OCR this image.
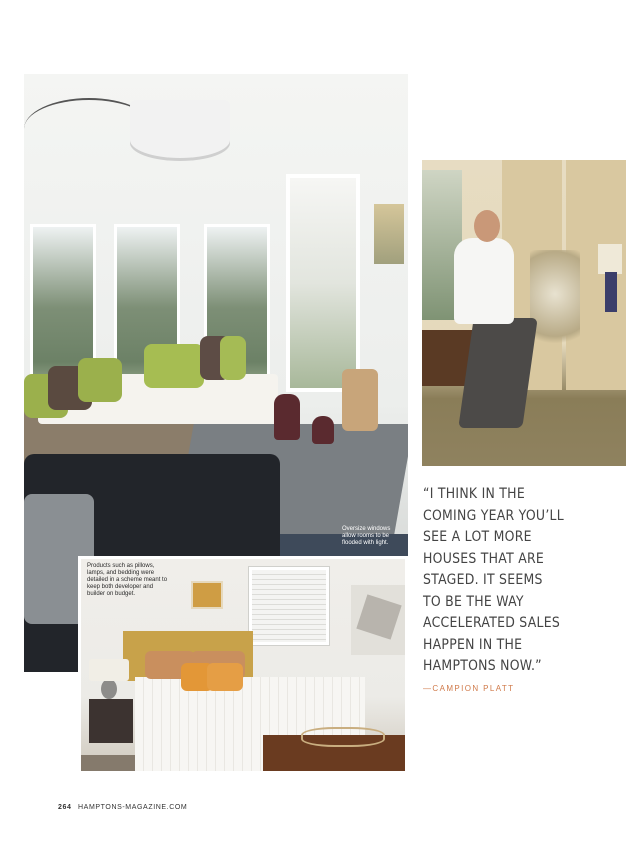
Oversize windows
allow rooms to be
flooded with light.
Products such as pillows,
lamps, and bedding were
detailed in a scheme meant to
keep both developer and
builder on budget.
“I THINK IN THE
COMING YEAR YOU’LL
SEE A LOT MORE
HOUSES THAT ARE
STAGED. IT SEEMS
TO BE THE WAY
ACCELERATED SALES
HAPPEN IN THE
HAMPTONS NOW.”
—CAMPION PLATT
264 HAMPTONS-MAGAZINE.COM
